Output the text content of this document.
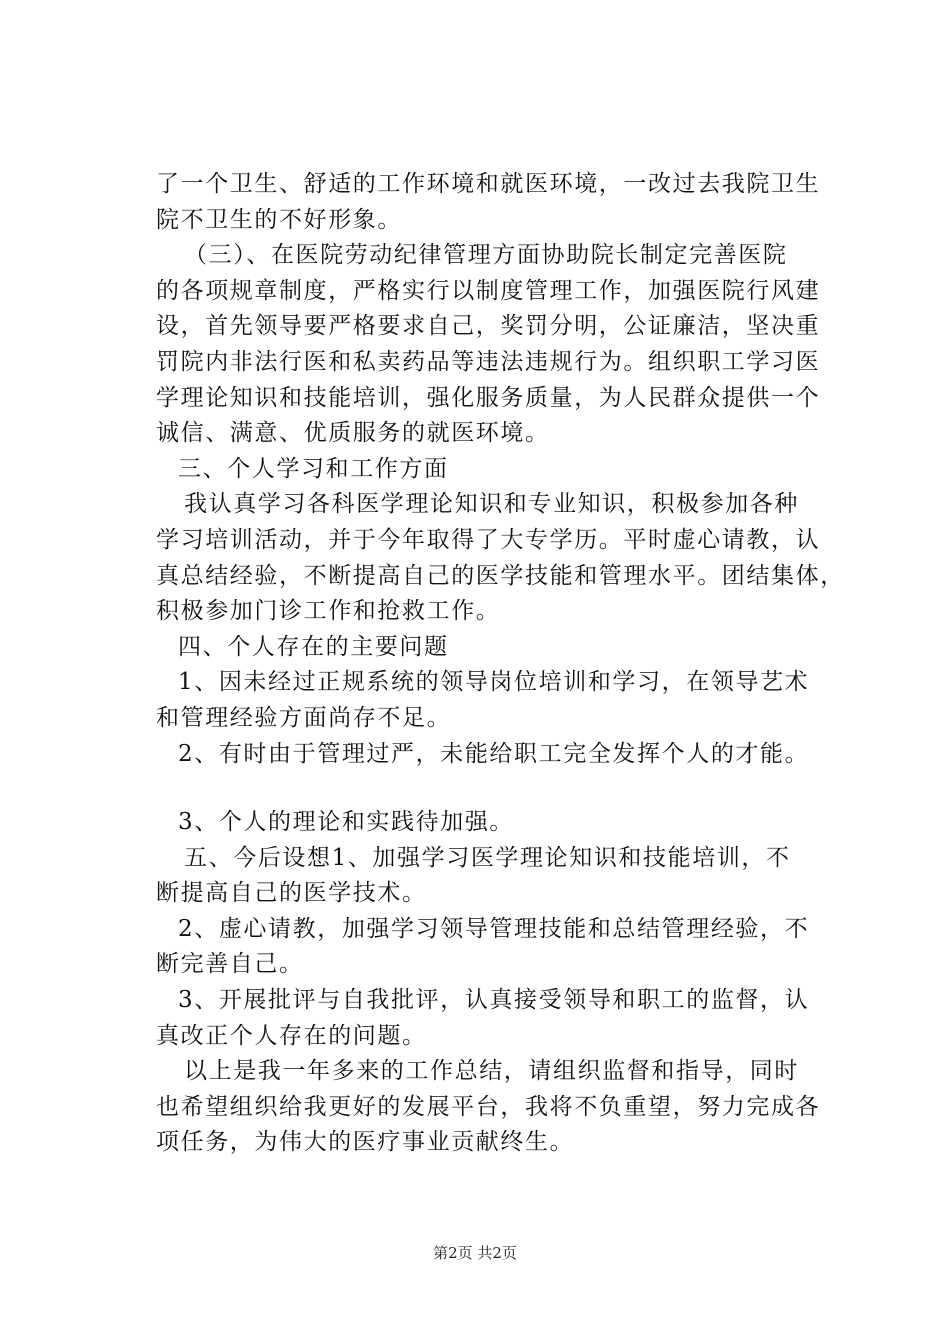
了一个卫生、舒适的工作环境和就医环境，一改过去我院卫生
院不卫生的不好形象。
（三）、在医院劳动纪律管理方面协助院长制定完善医院
的各项规章制度，严格实行以制度管理工作，加强医院行风建
设，首先领导要严格要求自己，奖罚分明，公证廉洁，坚决重
罚院内非法行医和私卖药品等违法违规行为。组织职工学习医
学理论知识和技能培训，强化服务质量，为人民群众提供一个
诚信、满意、优质服务的就医环境。
三、个人学习和工作方面
我认真学习各科医学理论知识和专业知识，积极参加各种
学习培训活动，并于今年取得了大专学历。平时虚心请教，认
真总结经验，不断提高自己的医学技能和管理水平。团结集体，
积极参加门诊工作和抢救工作。
四、个人存在的主要问题
1、因未经过正规系统的领导岗位培训和学习，在领导艺术
和管理经验方面尚存不足。
2、有时由于管理过严，未能给职工完全发挥个人的才能。
3、个人的理论和实践待加强。
五、今后设想1、加强学习医学理论知识和技能培训，不
断提高自己的医学技术。
2、虚心请教，加强学习领导管理技能和总结管理经验，不
断完善自己。
3、开展批评与自我批评，认真接受领导和职工的监督，认
真改正个人存在的问题。
以上是我一年多来的工作总结，请组织监督和指导，同时
也希望组织给我更好的发展平台，我将不负重望，努力完成各
项任务，为伟大的医疗事业贡献终生。
第2页 共2页
